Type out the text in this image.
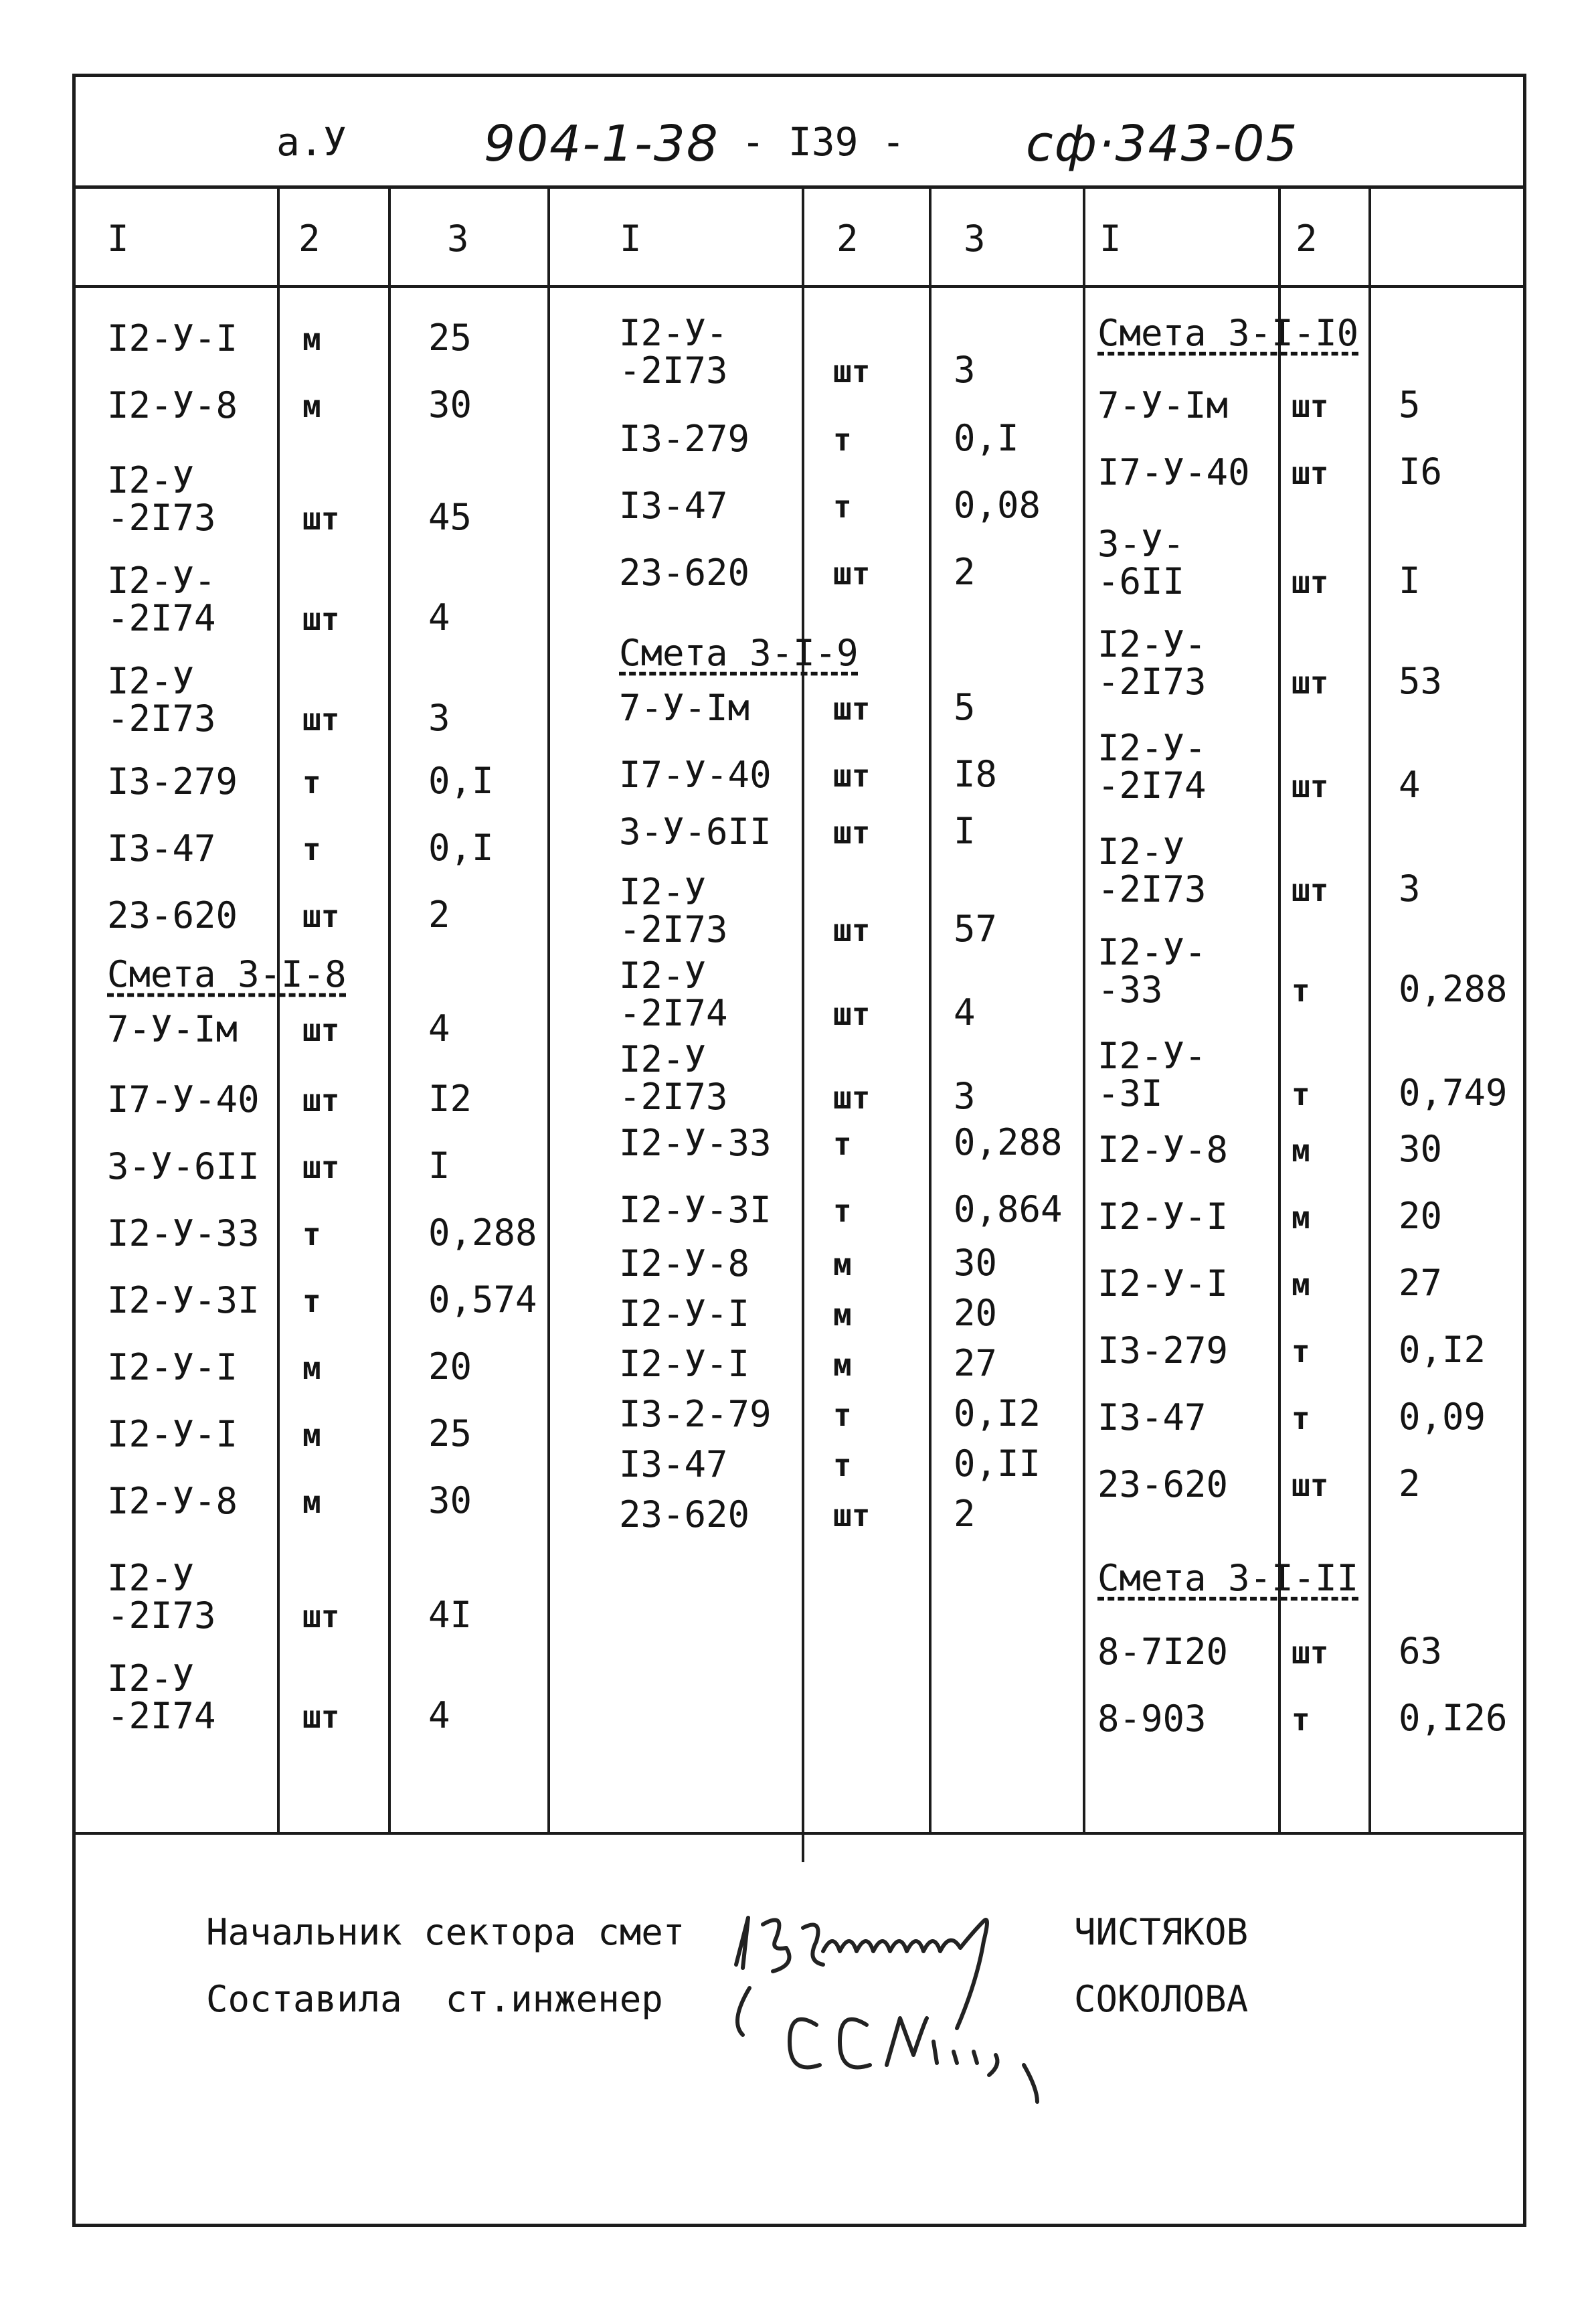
а.У	904-1-38 - I39 - сф·343-05
I	2	3	I	2	3	I	2
I2-У-I м	25
I2-У-8 м	30
I2-У
-2I73	шт 45
I2-У-
-2I74	шт 4
I2-У
-2I73	шт 3
I3-279 т	0,I
I3-47	т	0,I
23-620 шт 2
Смета 3-I-8
7-У-Iм шт 4
I7-У-40 шт I2
3-У-6II шт I
I2-У-33 т	0,288
I2-У-3I т	0,574
I2-У-I м	20
I2-У-I м	25
I2-У-8 м	30
I2-У
-2I73	шт 4I
I2-У
-2I74	шт 4
I2-У-
-2I73	шт 3
I3-279	т	0,I
I3-47	т	0,08
23-620	шт 2
Смета 3-I-9
7-У-Iм	шт 5
I7-У-40 шт I8
3-У-6II шт I
I2-У
-2I73	шт 57
I2-У
-2I74	шт 4
I2-У
-2I73	шт 3
I2-У-33 т	0,288
I2-У-3I т	0,864
I2-У-8	м	30
I2-У-I	м	20
I2-У-I	м	27
I3-2-79 т	0,I2
I3-47	т	0,II
23-620	шт 2
Смета 3-I-I0
7-У-Iм шт 5
I7-У-40 шт I6
3-У-
-6II	шт I
I2-У-
-2I73	шт 53
I2-У-
-2I74	шт 4
I2-У
-2I73	шт 3
I2-У-
-33	т 0,288
I2-У-
-3I	т 0,749
I2-У-8 м 30
I2-У-I м 20
I2-У-I м 27
I3-279 т 0,I2
I3-47	т 0,09
23-620 шт 2
Смета 3-I-II
8-7I20 шт 63
8-903	т 0,I26
Начальник сектора смет	ЧИСТЯКОВ
Составила  ст.инженер	СОКОЛОВА
